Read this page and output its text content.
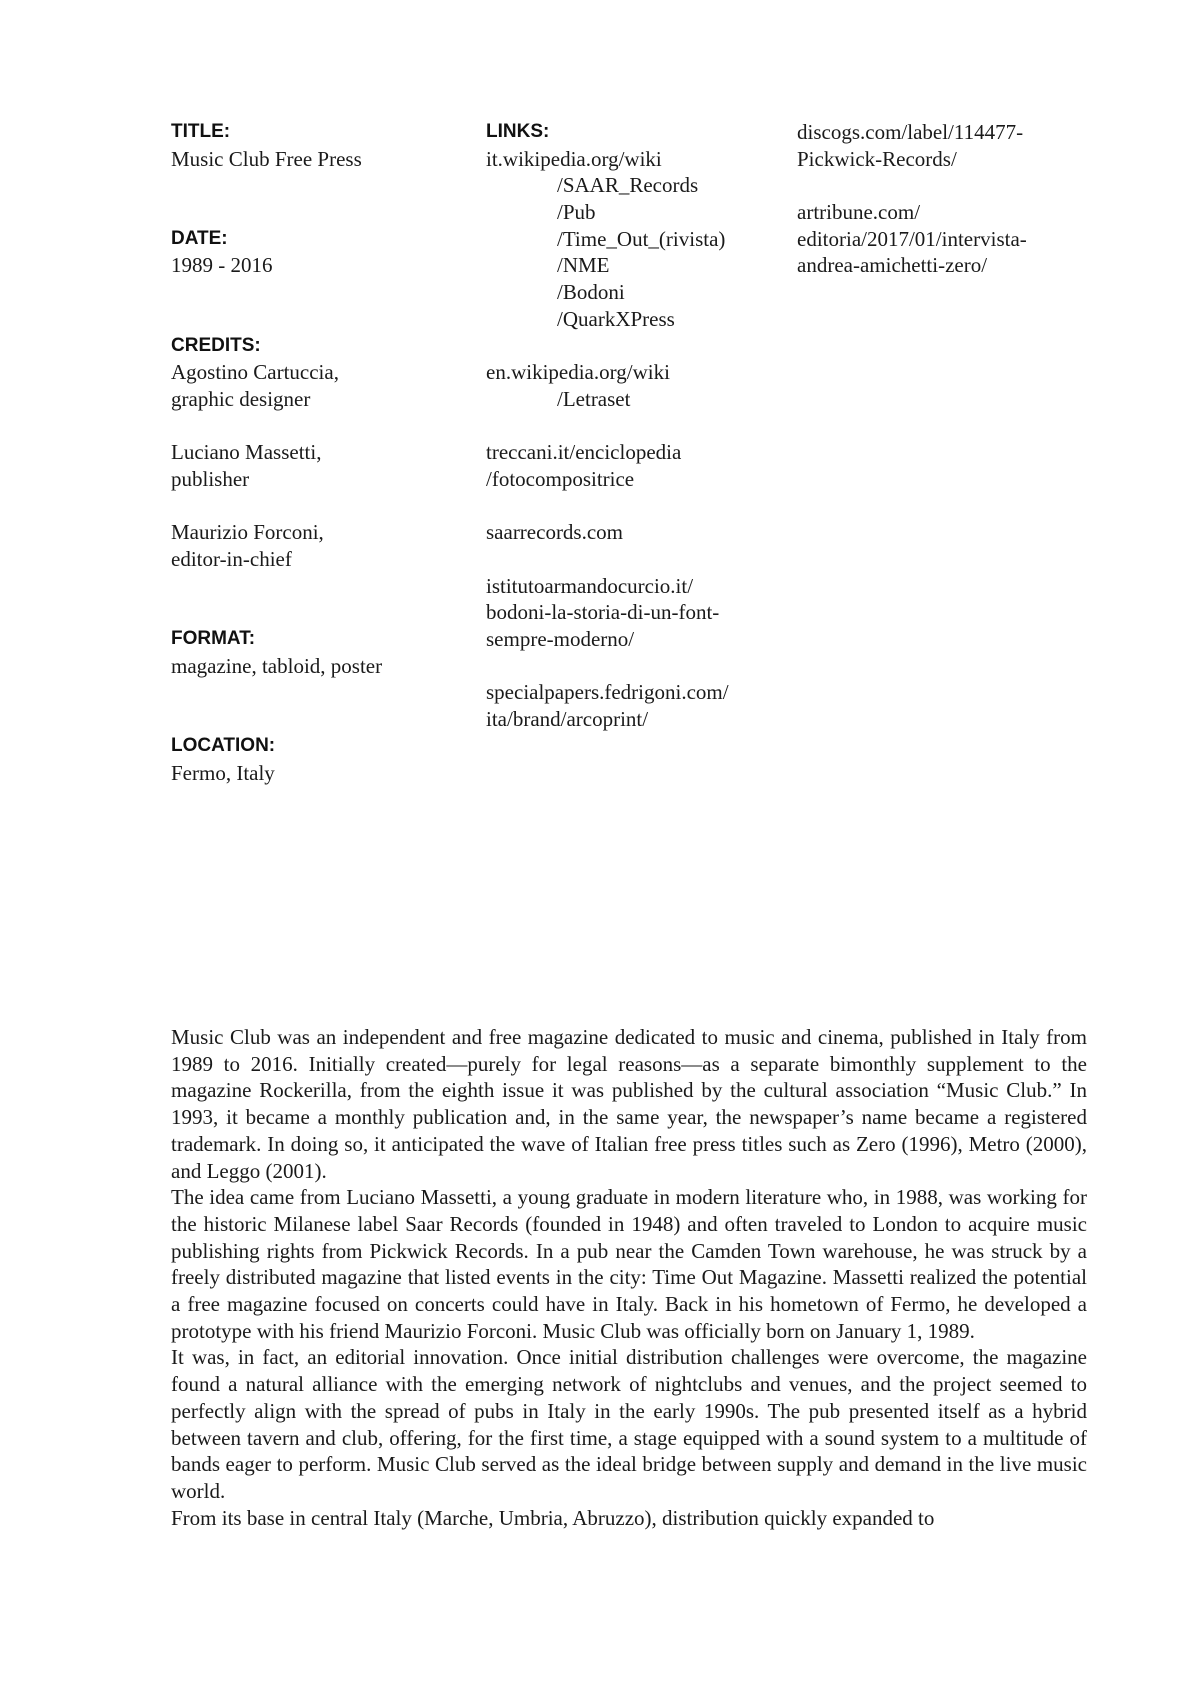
TITLE:
Music Club Free Press
DATE:
1989 - 2016
CREDITS:
Agostino Cartuccia,
graphic designer
Luciano Massetti,
publisher
Maurizio Forconi,
editor-in-chief
FORMAT:
magazine, tabloid, poster
LOCATION:
Fermo, Italy
LINKS:
it.wikipedia.org/wiki
/SAAR_Records
/Pub
/Time_Out_(rivista)
/NME
/Bodoni
/QuarkXPress
en.wikipedia.org/wiki
/Letraset
treccani.it/enciclopedia
/fotocompositrice
saarrecords.com
istitutoarmandocurcio.it/
bodoni-la-storia-di-un-font-
sempre-moderno/
specialpapers.fedrigoni.com/
ita/brand/arcoprint/
discogs.com/label/114477-
Pickwick-Records/
artribune.com/
editoria/2017/01/intervista-
andrea-amichetti-zero/

Music Club was an independent and free magazine dedicated to music and cinema, published in Italy from 1989 to 2016. Initially created—purely for legal reasons—as a separate bimonthly supplement to the magazine Rockerilla, from the eighth issue it was published by the cultural association “Music Club.” In 1993, it became a monthly publication and, in the same year, the newspaper’s name became a registered trademark. In doing so, it anticipated the wave of Italian free press titles such as Zero (1996), Metro (2000), and Leggo (2001).

The idea came from Luciano Massetti, a young graduate in modern literature who, in 1988, was working for the historic Milanese label Saar Records (founded in 1948) and often traveled to London to acquire music publishing rights from Pickwick Records. In a pub near the Camden Town warehouse, he was struck by a freely distributed magazine that listed events in the city: Time Out Magazine. Massetti realized the potential a free magazine focused on concerts could have in Italy. Back in his hometown of Fermo, he developed a prototype with his friend Maurizio Forconi. Music Club was officially born on January 1, 1989.

It was, in fact, an editorial innovation. Once initial distribution challenges were overcome, the magazine found a natural alliance with the emerging network of nightclubs and venues, and the project seemed to perfectly align with the spread of pubs in Italy in the early 1990s. The pub presented itself as a hybrid between tavern and club, offering, for the first time, a stage equipped with a sound system to a multitude of bands eager to perform. Music Club served as the ideal bridge between supply and demand in the live music world.

From its base in central Italy (Marche, Umbria, Abruzzo), distribution quickly expanded to
